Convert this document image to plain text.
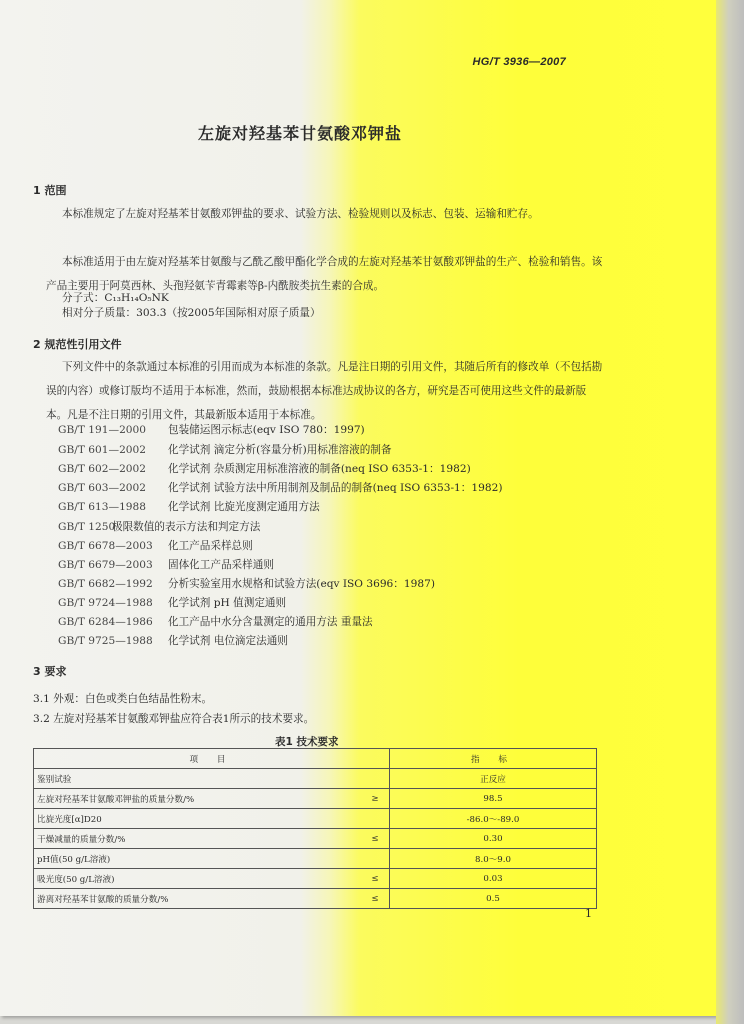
HG/T 3936—2007
左旋对羟基苯甘氨酸邓钾盐
1 范围
本标准规定了左旋对羟基苯甘氨酸邓钾盐的要求、试验方法、检验规则以及标志、包装、运输和贮存。
本标准适用于由左旋对羟基苯甘氨酸与乙酰乙酸甲酯化学合成的左旋对羟基苯甘氨酸邓钾盐的生产、检验和销售。该产品主要用于阿莫西林、头孢羟氨苄青霉素等β-内酰胺类抗生素的合成。
分子式：C₁₃H₁₄O₅NK
相对分子质量：303.3（按2005年国际相对原子质量）
2 规范性引用文件
下列文件中的条款通过本标准的引用而成为本标准的条款。凡是注日期的引用文件，其随后所有的修改单（不包括勘误的内容）或修订版均不适用于本标准，然而，鼓励根据本标准达成协议的各方，研究是否可使用这些文件的最新版本。凡是不注日期的引用文件，其最新版本适用于本标准。
GB/T 191—2000 包装储运图示标志(eqv ISO 780：1997)
GB/T 601—2002 化学试剂 滴定分析(容量分析)用标准溶液的制备
GB/T 602—2002 化学试剂 杂质测定用标准溶液的制备(neq ISO 6353-1：1982)
GB/T 603—2002 化学试剂 试验方法中所用制剂及制品的制备(neq ISO 6353-1：1982)
GB/T 613—1988 化学试剂 比旋光度测定通用方法
GB/T 1250极限数值的表示方法和判定方法
GB/T 6678—2003 化工产品采样总则
GB/T 6679—2003 固体化工产品采样通则
GB/T 6682—1992 分析实验室用水规格和试验方法(eqv ISO 3696：1987)
GB/T 9724—1988 化学试剂 pH 值测定通则
GB/T 6284—1986 化工产品中水分含量测定的通用方法 重量法
GB/T 9725—1988 化学试剂 电位滴定法通则
3 要求
3.1 外观：白色或类白色结晶性粉末。
3.2 左旋对羟基苯甘氨酸邓钾盐应符合表1所示的技术要求。
表1 技术要求
项 目		指 标
鉴别试验		正反应
左旋对羟基苯甘氨酸邓钾盐的质量分数/%	≥	98.5
比旋光度[α]D20		-86.0～-89.0
干燥减量的质量分数/%	≤	0.30
pH值(50 g/L溶液)		8.0～9.0
吸光度(50 g/L溶液)	≤	0.03
游离对羟基苯甘氨酸的质量分数/%	≤	0.5
1
